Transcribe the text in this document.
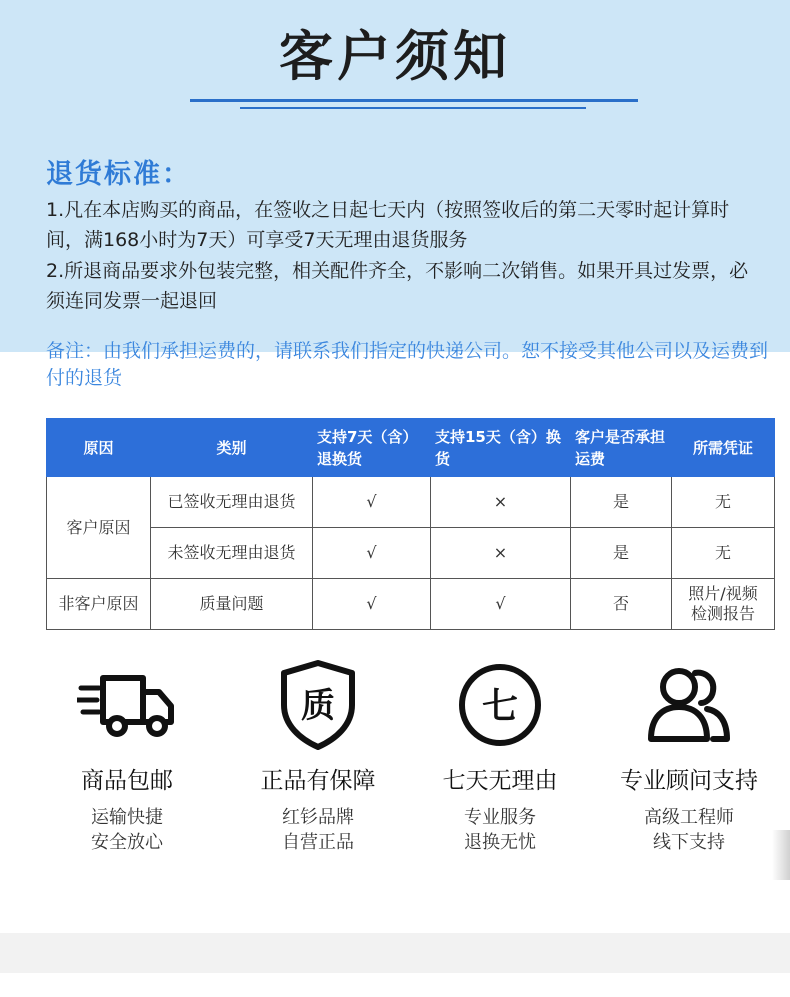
客户须知
退货标准：
1.凡在本店购买的商品，在签收之日起七天内（按照签收后的第二天零时起计算时间，满168小时为7天）可享受7天无理由退货服务
2.所退商品要求外包装完整，相关配件齐全，不影响二次销售。如果开具过发票，必须连同发票一起退回
备注：由我们承担运费的，请联系我们指定的快递公司。恕不接受其他公司以及运费到付的退货
原因	类别	支持7天（含）退换货	支持15天（含）换货	客户是否承担运费	所需凭证
客户原因	已签收无理由退货	√	×	是	无
	未签收无理由退货	√	×	是	无
非客户原因	质量问题	√	√	否	照片/视频检测报告
商品包邮
运输快捷
安全放心
质
正品有保障
红钐品牌
自营正品
七
七天无理由
专业服务
退换无忧
专业顾问支持
高级工程师
线下支持
